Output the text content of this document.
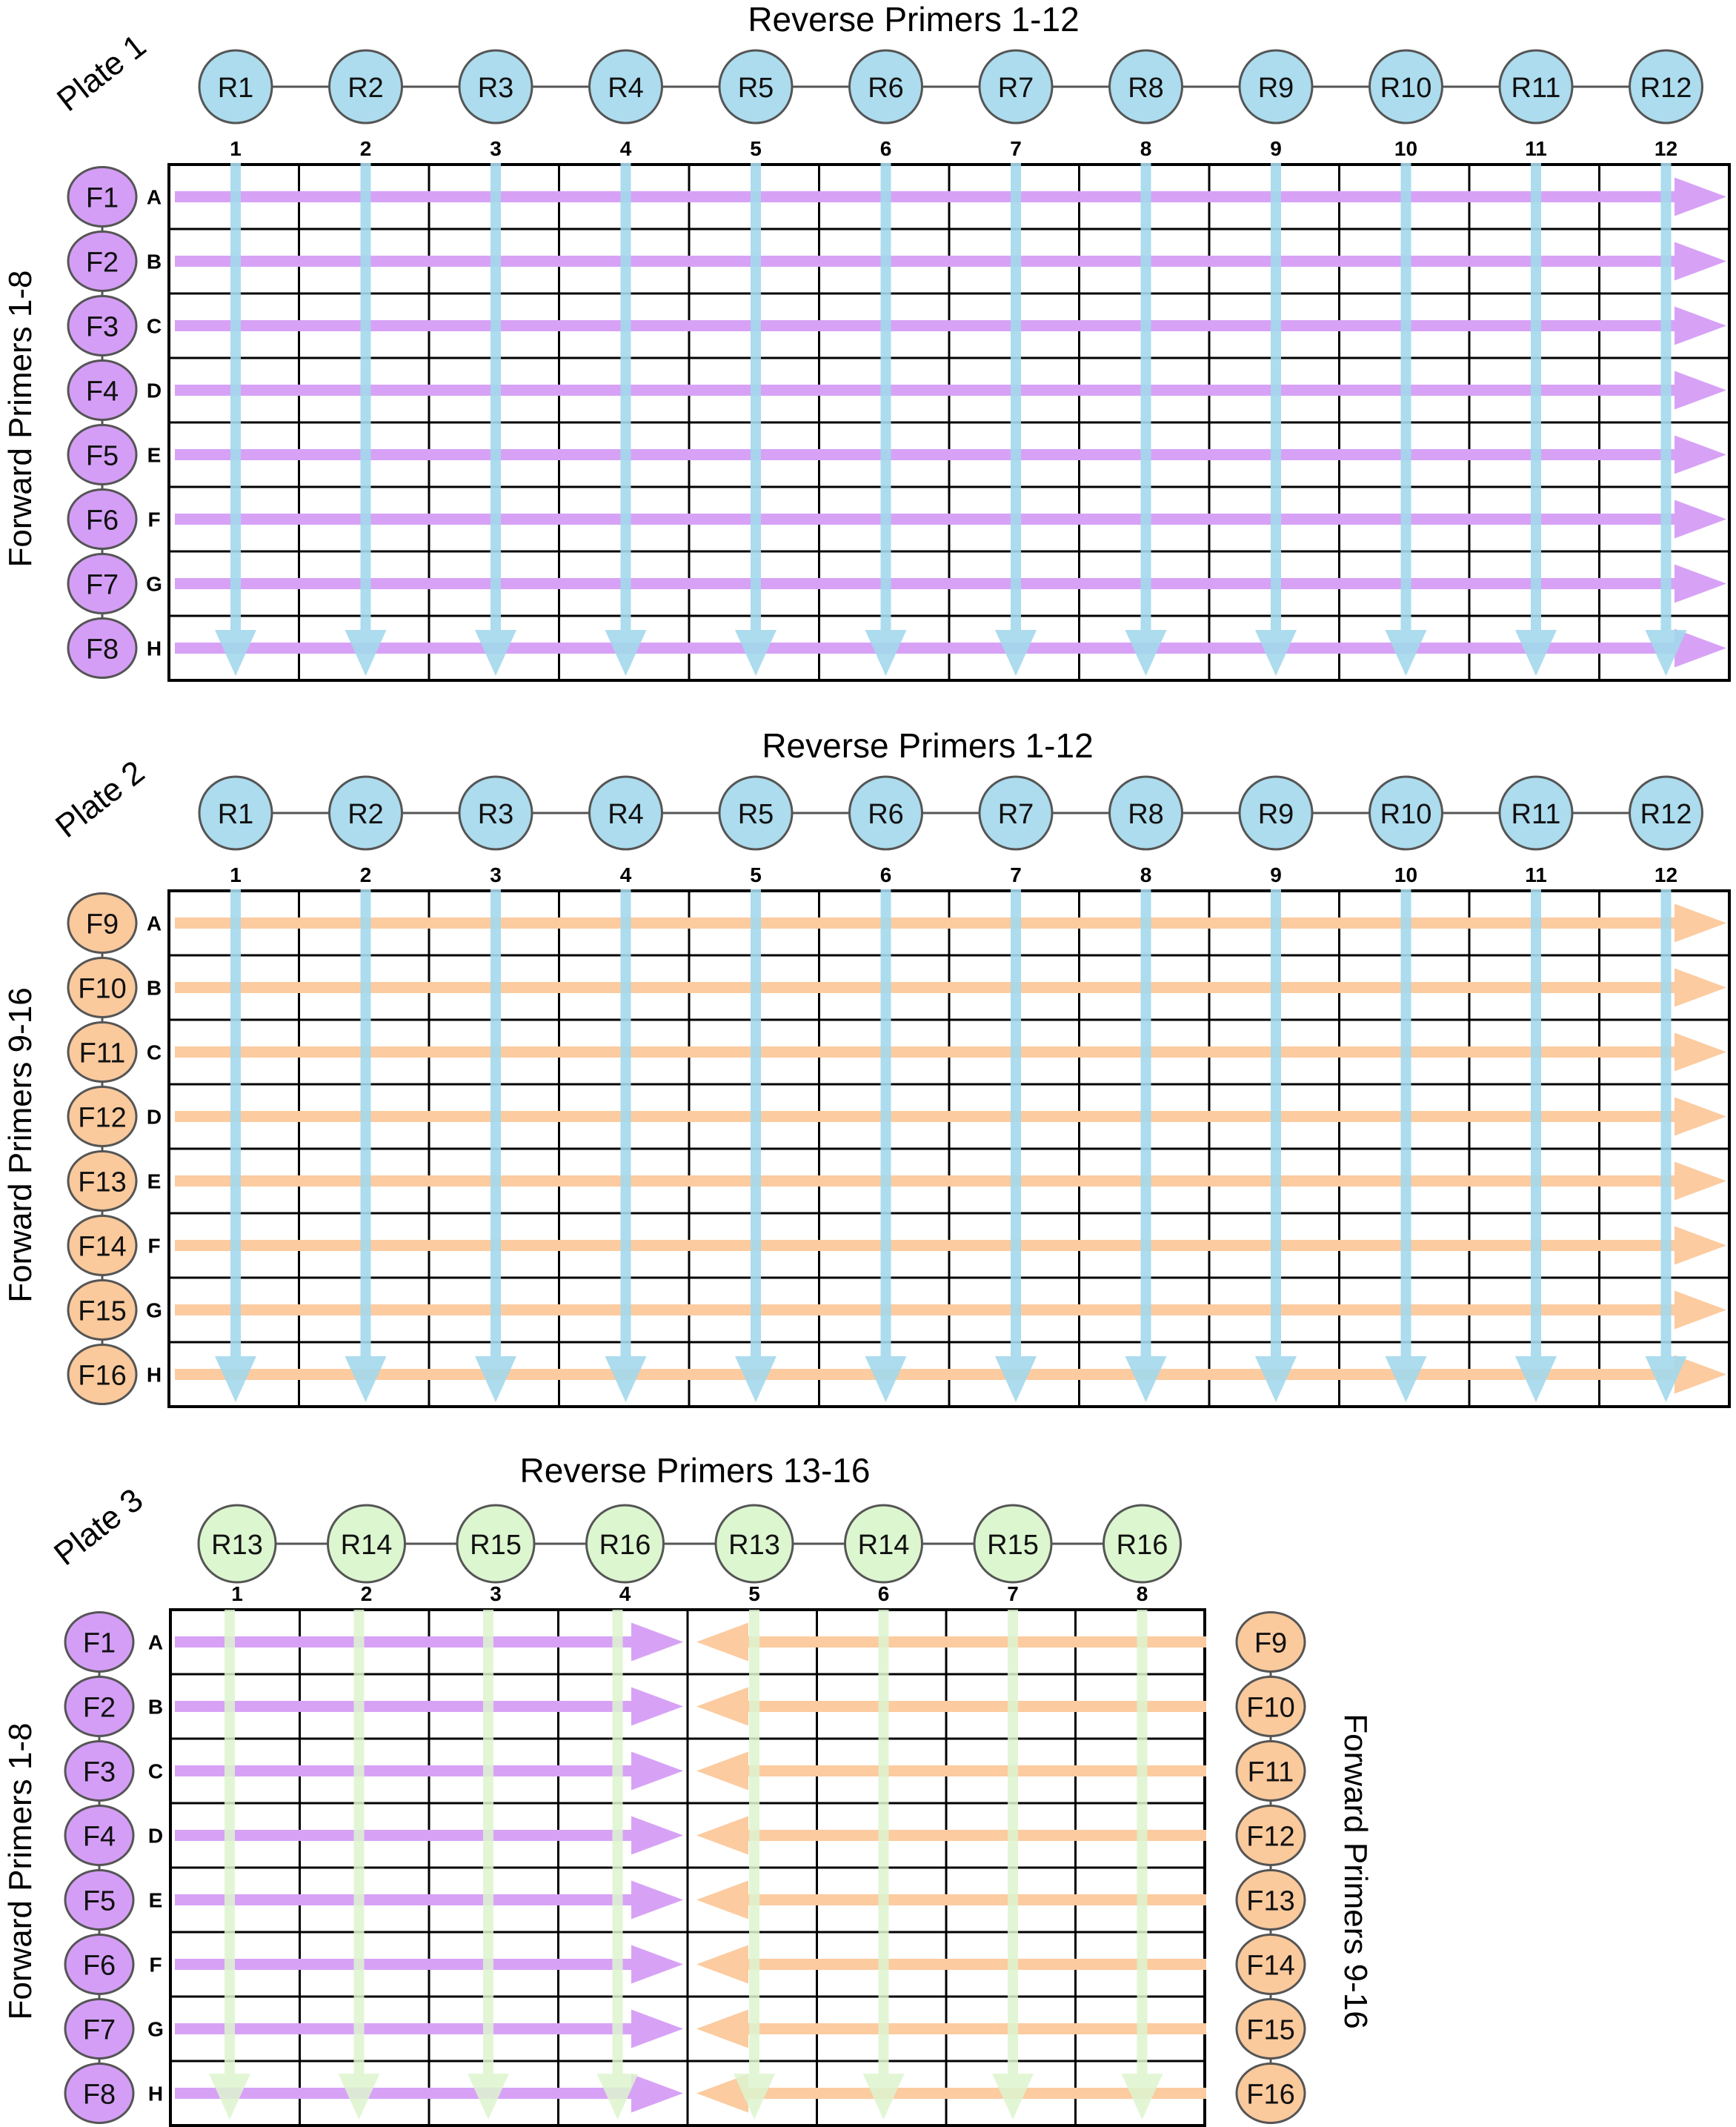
Reverse Primers 1-12
Plate 1
Forward Primers 1-8
Reverse Primers 1-12
Plate 2
Forward Primers 9-16
Reverse Primers 13-16
Plate 3
Forward Primers 1-8	Forward Primers 9-16
R1	R2	R3	R4	R5	R6	R7	R8	R9	R10	R11	R12
1	2	3	4	5	6	7	8	9	10	11	12
A
F1
B
F2
C
F3
D
F4
E
F5
F
F6
G
F7
H
F8
R1	R2	R3	R4	R5	R6	R7	R8	R9	R10	R11	R12
1	2	3	4	5	6	7	8	9	10	11	12
A
F9
B
F10
C
F11
D
F12
E
F13
F
F14
G
F15
H
F16
R13	R14	R15	R16	R13	R14	R15	R16
1	2	3	4	5	6	7	8
A
F1	F9
B
F2	F10
C
F3	F11
D
F4	F12
E
F5	F13
F
F6	F14
G
F7	F15
H
F8	F16
